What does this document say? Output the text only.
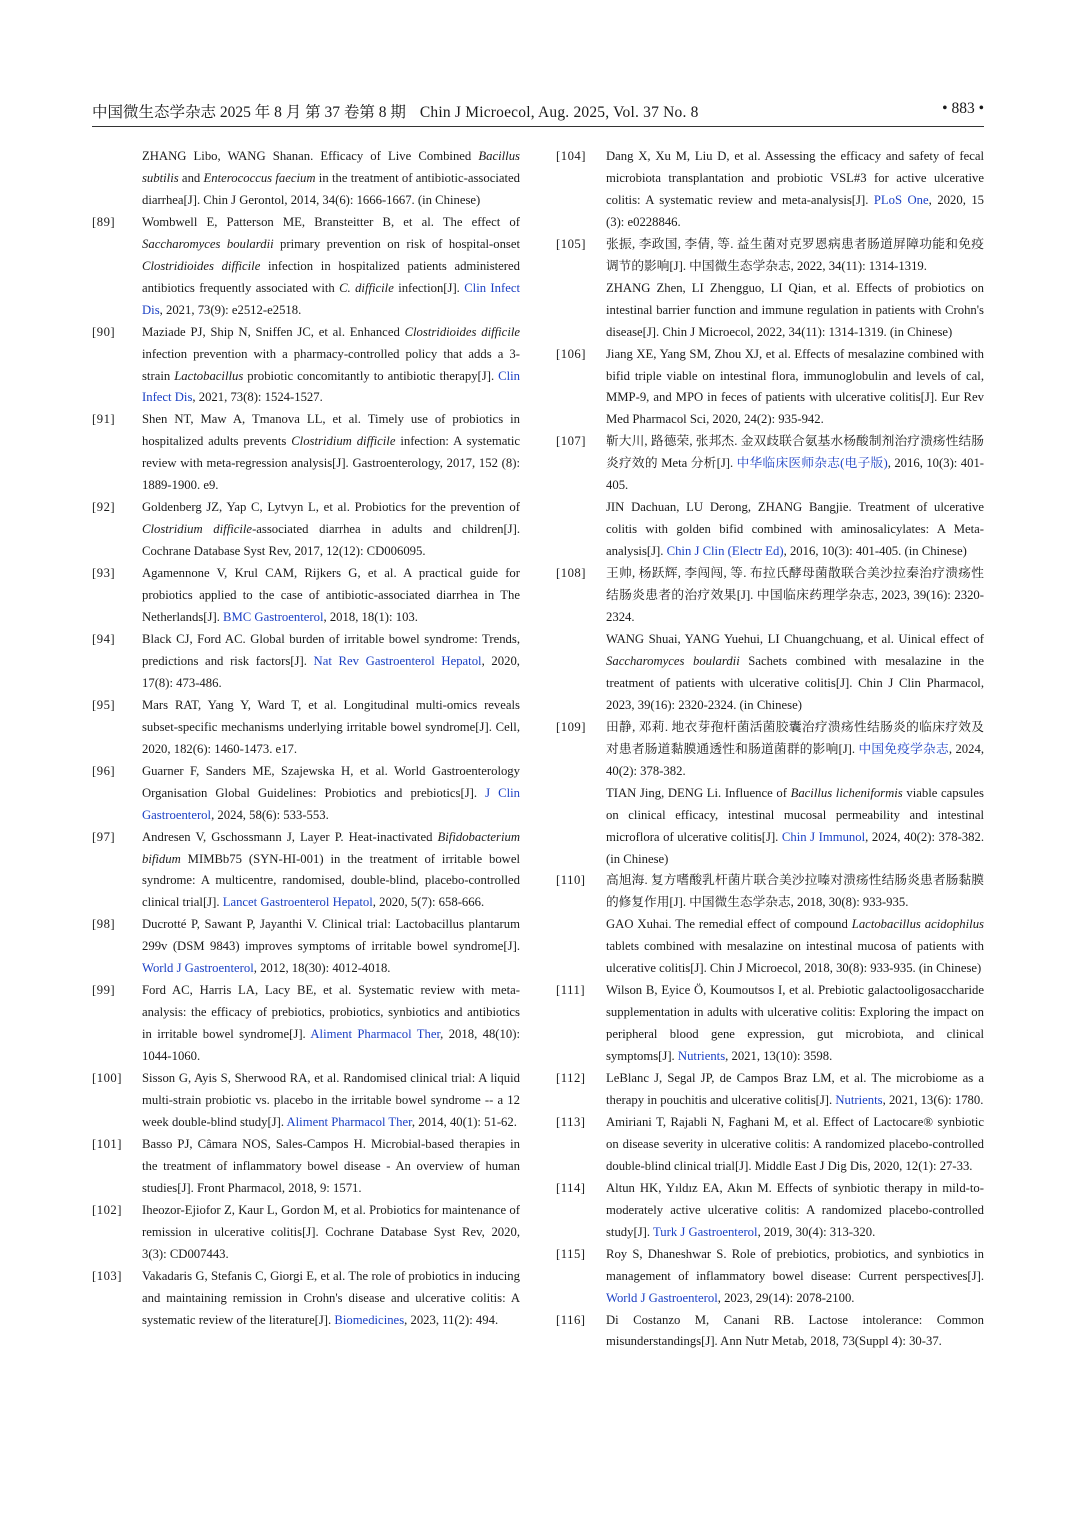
中国微生态学杂志 2025 年 8 月 第 37 卷第 8 期 Chin J Microecol, Aug. 2025, Vol. 37 No. 8	• 883 •
ZHANG Libo, WANG Shanan. Efficacy of Live Combined Bacillus subtilis and Enterococcus faecium in the treatment of antibiotic-associated diarrhea[J]. Chin J Gerontol, 2014, 34(6): 1666-1667. (in Chinese)
[89]	Wombwell E, Patterson ME, Bransteitter B, et al. The effect of Saccharomyces boulardii primary prevention on risk of hospital-onset Clostridioides difficile infection in hospitalized patients administered antibiotics frequently associated with C. difficile infection[J]. Clin Infect Dis, 2021, 73(9): e2512-e2518.
[90]	Maziade PJ, Ship N, Sniffen JC, et al. Enhanced Clostridioides difficile infection prevention with a pharmacy-controlled policy that adds a 3-strain Lactobacillus probiotic concomitantly to antibiotic therapy[J]. Clin Infect Dis, 2021, 73(8): 1524-1527.
[91]	Shen NT, Maw A, Tmanova LL, et al. Timely use of probiotics in hospitalized adults prevents Clostridium difficile infection: A systematic review with meta-regression analysis[J]. Gastroenterology, 2017, 152 (8): 1889-1900. e9.
[92]	Goldenberg JZ, Yap C, Lytvyn L, et al. Probiotics for the prevention of Clostridium difficile-associated diarrhea in adults and children[J]. Cochrane Database Syst Rev, 2017, 12(12): CD006095.
[93]	Agamennone V, Krul CAM, Rijkers G, et al. A practical guide for probiotics applied to the case of antibiotic-associated diarrhea in The Netherlands[J]. BMC Gastroenterol, 2018, 18(1): 103.
[94]	Black CJ, Ford AC. Global burden of irritable bowel syndrome: Trends, predictions and risk factors[J]. Nat Rev Gastroenterol Hepatol, 2020, 17(8): 473-486.
[95]	Mars RAT, Yang Y, Ward T, et al. Longitudinal multi-omics reveals subset-specific mechanisms underlying irritable bowel syndrome[J]. Cell, 2020, 182(6): 1460-1473. e17.
[96]	Guarner F, Sanders ME, Szajewska H, et al. World Gastroenterology Organisation Global Guidelines: Probiotics and prebiotics[J]. J Clin Gastroenterol, 2024, 58(6): 533-553.
[97]	Andresen V, Gschossmann J, Layer P. Heat-inactivated Bifidobacterium bifidum MIMBb75 (SYN-HI-001) in the treatment of irritable bowel syndrome: A multicentre, randomised, double-blind, placebo-controlled clinical trial[J]. Lancet Gastroenterol Hepatol, 2020, 5(7): 658-666.
[98]	Ducrotté P, Sawant P, Jayanthi V. Clinical trial: Lactobacillus plantarum 299v (DSM 9843) improves symptoms of irritable bowel syndrome[J]. World J Gastroenterol, 2012, 18(30): 4012-4018.
[99]	Ford AC, Harris LA, Lacy BE, et al. Systematic review with meta-analysis: the efficacy of prebiotics, probiotics, synbiotics and antibiotics in irritable bowel syndrome[J]. Aliment Pharmacol Ther, 2018, 48(10): 1044-1060.
[100]	Sisson G, Ayis S, Sherwood RA, et al. Randomised clinical trial: A liquid multi-strain probiotic vs. placebo in the irritable bowel syndrome -- a 12 week double-blind study[J]. Aliment Pharmacol Ther, 2014, 40(1): 51-62.
[101]	Basso PJ, Câmara NOS, Sales-Campos H. Microbial-based therapies in the treatment of inflammatory bowel disease - An overview of human studies[J]. Front Pharmacol, 2018, 9: 1571.
[102]	Iheozor-Ejiofor Z, Kaur L, Gordon M, et al. Probiotics for maintenance of remission in ulcerative colitis[J]. Cochrane Database Syst Rev, 2020, 3(3): CD007443.
[103]	Vakadaris G, Stefanis C, Giorgi E, et al. The role of probiotics in inducing and maintaining remission in Crohn's disease and ulcerative colitis: A systematic review of the literature[J]. Biomedicines, 2023, 11(2): 494.
[104]	Dang X, Xu M, Liu D, et al. Assessing the efficacy and safety of fecal microbiota transplantation and probiotic VSL#3 for active ulcerative colitis: A systematic review and meta-analysis[J]. PLoS One, 2020, 15 (3): e0228846.
[105]	张振, 李政国, 李倩, 等. 益生菌对克罗恩病患者肠道屏障功能和免疫调节的影响[J]. 中国微生态学杂志, 2022, 34(11): 1314-1319.
ZHANG Zhen, LI Zhengguo, LI Qian, et al. Effects of probiotics on intestinal barrier function and immune regulation in patients with Crohn's disease[J]. Chin J Microecol, 2022, 34(11): 1314-1319. (in Chinese)
[106]	Jiang XE, Yang SM, Zhou XJ, et al. Effects of mesalazine combined with bifid triple viable on intestinal flora, immunoglobulin and levels of cal, MMP-9, and MPO in feces of patients with ulcerative colitis[J]. Eur Rev Med Pharmacol Sci, 2020, 24(2): 935-942.
[107]	靳大川, 路德荣, 张邦杰. 金双歧联合氨基水杨酸制剂治疗溃疡性结肠炎疗效的 Meta 分析[J]. 中华临床医师杂志(电子版), 2016, 10(3): 401-405.
JIN Dachuan, LU Derong, ZHANG Bangjie. Treatment of ulcerative colitis with golden bifid combined with aminosalicylates: A Meta-analysis[J]. Chin J Clin (Electr Ed), 2016, 10(3): 401-405. (in Chinese)
[108]	王帅, 杨跃辉, 李闯闯, 等. 布拉氏酵母菌散联合美沙拉秦治疗溃疡性结肠炎患者的治疗效果[J]. 中国临床药理学杂志, 2023, 39(16): 2320-2324.
WANG Shuai, YANG Yuehui, LI Chuangchuang, et al. Uinical effect of Saccharomyces boulardii Sachets combined with mesalazine in the treatment of patients with ulcerative colitis[J]. Chin J Clin Pharmacol, 2023, 39(16): 2320-2324. (in Chinese)
[109]	田静, 邓莉. 地衣芽孢杆菌活菌胶囊治疗溃疡性结肠炎的临床疗效及对患者肠道黏膜通透性和肠道菌群的影响[J]. 中国免疫学杂志, 2024, 40(2): 378-382.
TIAN Jing, DENG Li. Influence of Bacillus licheniformis viable capsules on clinical efficacy, intestinal mucosal permeability and intestinal microflora of ulcerative colitis[J]. Chin J Immunol, 2024, 40(2): 378-382. (in Chinese)
[110]	高旭海. 复方嗜酸乳杆菌片联合美沙拉嗪对溃疡性结肠炎患者肠黏膜的修复作用[J]. 中国微生态学杂志, 2018, 30(8): 933-935.
GAO Xuhai. The remedial effect of compound Lactobacillus acidophilus tablets combined with mesalazine on intestinal mucosa of patients with ulcerative colitis[J]. Chin J Microecol, 2018, 30(8): 933-935. (in Chinese)
[111]	Wilson B, Eyice Ö, Koumoutsos I, et al. Prebiotic galactooligosaccharide supplementation in adults with ulcerative colitis: Exploring the impact on peripheral blood gene expression, gut microbiota, and clinical symptoms[J]. Nutrients, 2021, 13(10): 3598.
[112]	LeBlanc J, Segal JP, de Campos Braz LM, et al. The microbiome as a therapy in pouchitis and ulcerative colitis[J]. Nutrients, 2021, 13(6): 1780.
[113]	Amiriani T, Rajabli N, Faghani M, et al. Effect of Lactocare® synbiotic on disease severity in ulcerative colitis: A randomized placebo-controlled double-blind clinical trial[J]. Middle East J Dig Dis, 2020, 12(1): 27-33.
[114]	Altun HK, Yıldız EA, Akın M. Effects of synbiotic therapy in mild-to-moderately active ulcerative colitis: A randomized placebo-controlled study[J]. Turk J Gastroenterol, 2019, 30(4): 313-320.
[115]	Roy S, Dhaneshwar S. Role of prebiotics, probiotics, and synbiotics in management of inflammatory bowel disease: Current perspectives[J]. World J Gastroenterol, 2023, 29(14): 2078-2100.
[116]	Di Costanzo M, Canani RB. Lactose intolerance: Common misunderstandings[J]. Ann Nutr Metab, 2018, 73(Suppl 4): 30-37.
